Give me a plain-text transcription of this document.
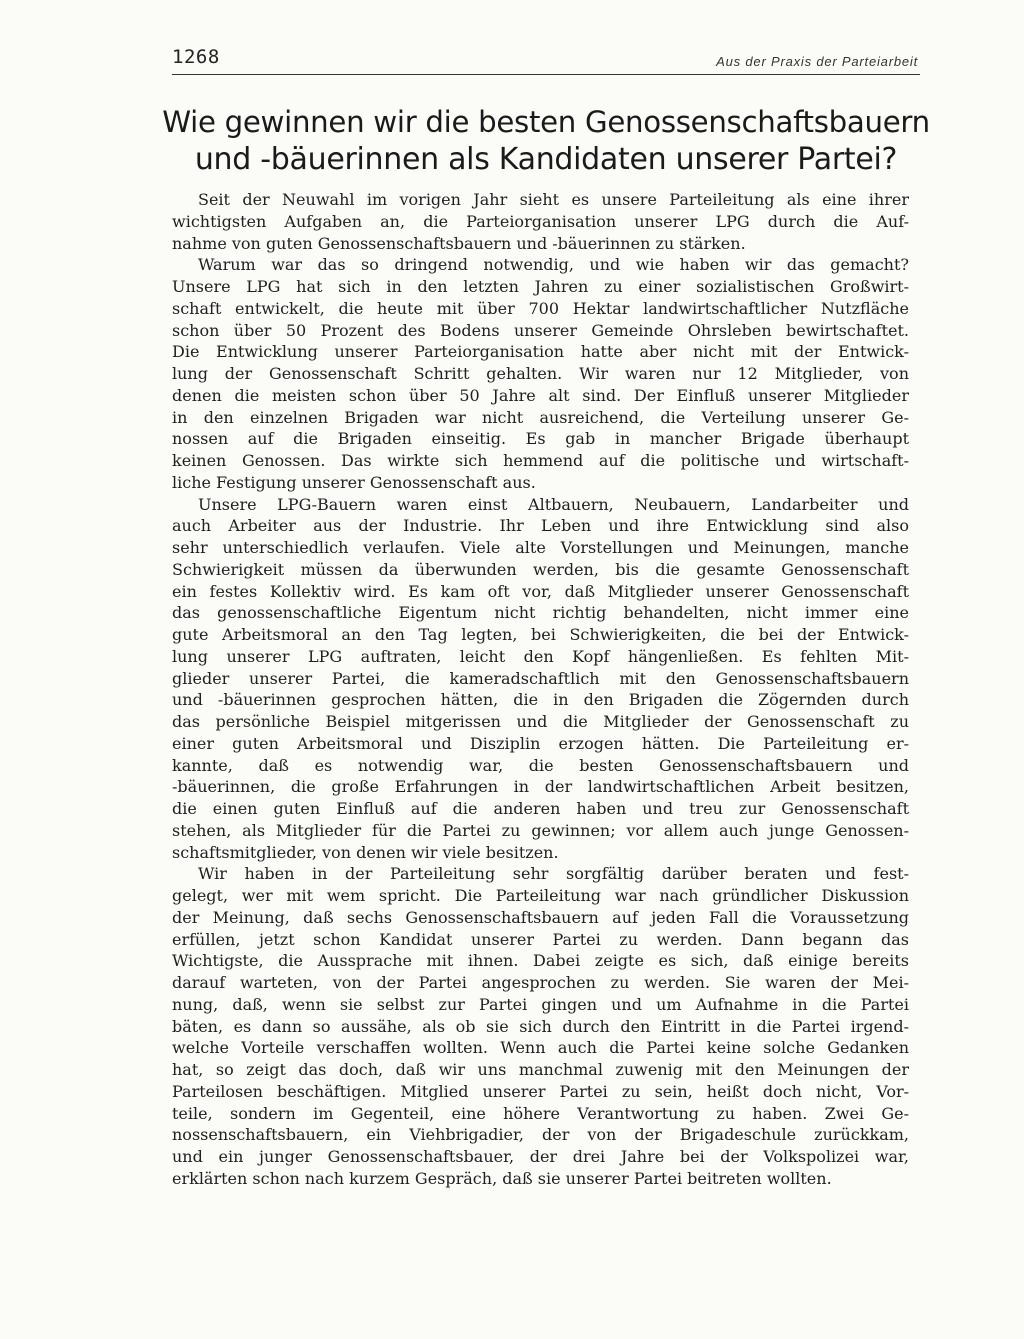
1268	Aus der Praxis der Parteiarbeit
Wie gewinnen wir die besten Genossenschaftsbauern
und -bäuerinnen als Kandidaten unserer Partei?
Seit der Neuwahl im vorigen Jahr sieht es unsere Parteileitung als eine ihrer
wichtigsten Aufgaben an, die Parteiorganisation unserer LPG durch die Auf-
nahme von guten Genossenschaftsbauern und -bäuerinnen zu stärken.
Warum war das so dringend notwendig, und wie haben wir das gemacht?
Unsere LPG hat sich in den letzten Jahren zu einer sozialistischen Großwirt-
schaft entwickelt, die heute mit über 700 Hektar landwirtschaftlicher Nutzfläche
schon über 50 Prozent des Bodens unserer Gemeinde Ohrsleben bewirtschaftet.
Die Entwicklung unserer Parteiorganisation hatte aber nicht mit der Entwick-
lung der Genossenschaft Schritt gehalten. Wir waren nur 12 Mitglieder, von
denen die meisten schon über 50 Jahre alt sind. Der Einfluß unserer Mitglieder
in den einzelnen Brigaden war nicht ausreichend, die Verteilung unserer Ge-
nossen auf die Brigaden einseitig. Es gab in mancher Brigade überhaupt
keinen Genossen. Das wirkte sich hemmend auf die politische und wirtschaft-
liche Festigung unserer Genossenschaft aus.
Unsere LPG-Bauern waren einst Altbauern, Neubauern, Landarbeiter und
auch Arbeiter aus der Industrie. Ihr Leben und ihre Entwicklung sind also
sehr unterschiedlich verlaufen. Viele alte Vorstellungen und Meinungen, manche
Schwierigkeit müssen da überwunden werden, bis die gesamte Genossenschaft
ein festes Kollektiv wird. Es kam oft vor, daß Mitglieder unserer Genossenschaft
das genossenschaftliche Eigentum nicht richtig behandelten, nicht immer eine
gute Arbeitsmoral an den Tag legten, bei Schwierigkeiten, die bei der Entwick-
lung unserer LPG auftraten, leicht den Kopf hängenließen. Es fehlten Mit-
glieder unserer Partei, die kameradschaftlich mit den Genossenschaftsbauern
und -bäuerinnen gesprochen hätten, die in den Brigaden die Zögernden durch
das persönliche Beispiel mitgerissen und die Mitglieder der Genossenschaft zu
einer guten Arbeitsmoral und Disziplin erzogen hätten. Die Parteileitung er-
kannte, daß es notwendig war, die besten Genossenschaftsbauern und
-bäuerinnen, die große Erfahrungen in der landwirtschaftlichen Arbeit besitzen,
die einen guten Einfluß auf die anderen haben und treu zur Genossenschaft
stehen, als Mitglieder für die Partei zu gewinnen; vor allem auch junge Genossen-
schaftsmitglieder, von denen wir viele besitzen.
Wir haben in der Parteileitung sehr sorgfältig darüber beraten und fest-
gelegt, wer mit wem spricht. Die Parteileitung war nach gründlicher Diskussion
der Meinung, daß sechs Genossenschaftsbauern auf jeden Fall die Voraussetzung
erfüllen, jetzt schon Kandidat unserer Partei zu werden. Dann begann das
Wichtigste, die Aussprache mit ihnen. Dabei zeigte es sich, daß einige bereits
darauf warteten, von der Partei angesprochen zu werden. Sie waren der Mei-
nung, daß, wenn sie selbst zur Partei gingen und um Aufnahme in die Partei
bäten, es dann so aussähe, als ob sie sich durch den Eintritt in die Partei irgend-
welche Vorteile verschaffen wollten. Wenn auch die Partei keine solche Gedanken
hat, so zeigt das doch, daß wir uns manchmal zuwenig mit den Meinungen der
Parteilosen beschäftigen. Mitglied unserer Partei zu sein, heißt doch nicht, Vor-
teile, sondern im Gegenteil, eine höhere Verantwortung zu haben. Zwei Ge-
nossenschaftsbauern, ein Viehbrigadier, der von der Brigadeschule zurückkam,
und ein junger Genossenschaftsbauer, der drei Jahre bei der Volkspolizei war,
erklärten schon nach kurzem Gespräch, daß sie unserer Partei beitreten wollten.
